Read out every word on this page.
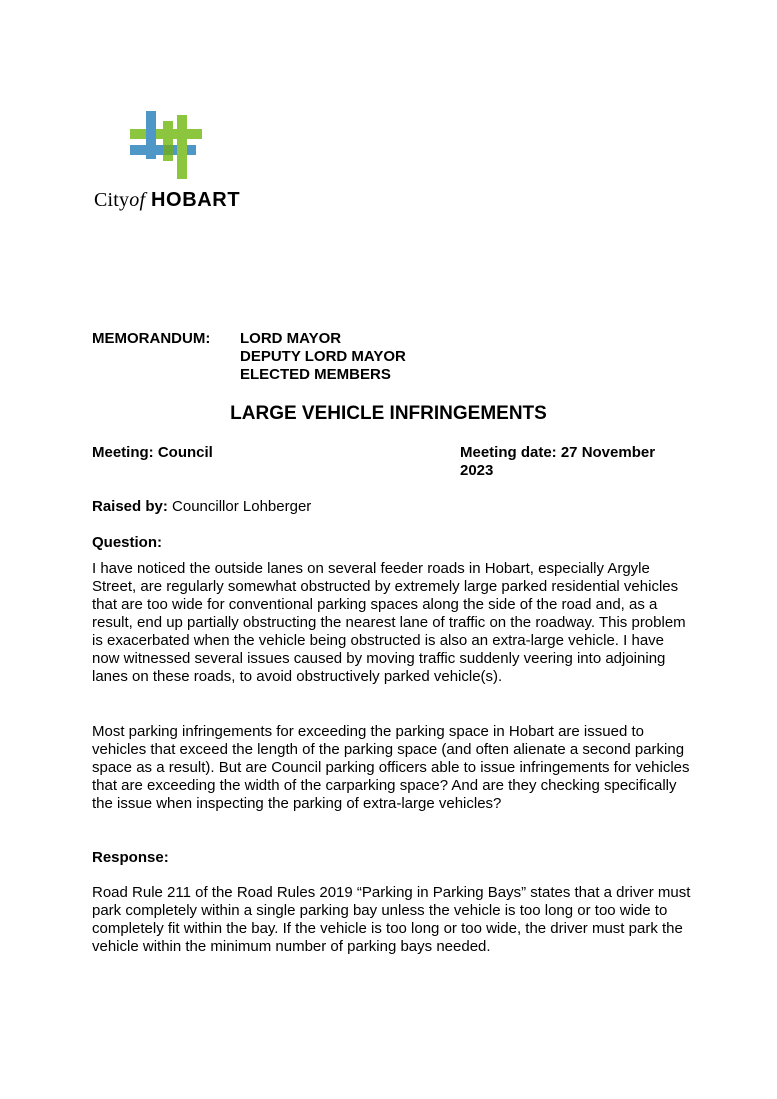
Cityof HOBART
MEMORANDUM: LORD MAYOR
DEPUTY LORD MAYOR
ELECTED MEMBERS
LARGE VEHICLE INFRINGEMENTS
Meeting: Council	Meeting date: 27 November 2023
Raised by: Councillor Lohberger
Question:

I have noticed the outside lanes on several feeder roads in Hobart, especially Argyle Street, are regularly somewhat obstructed by extremely large parked residential vehicles that are too wide for conventional parking spaces along the side of the road and, as a result, end up partially obstructing the nearest lane of traffic on the roadway. This problem is exacerbated when the vehicle being obstructed is also an extra-large vehicle. I have now witnessed several issues caused by moving traffic suddenly veering into adjoining lanes on these roads, to avoid obstructively parked vehicle(s).

Most parking infringements for exceeding the parking space in Hobart are issued to vehicles that exceed the length of the parking space (and often alienate a second parking space as a result). But are Council parking officers able to issue infringements for vehicles that are exceeding the width of the carparking space? And are they checking specifically the issue when inspecting the parking of extra-large vehicles?

Response:

Road Rule 211 of the Road Rules 2019 “Parking in Parking Bays” states that a driver must park completely within a single parking bay unless the vehicle is too long or too wide to completely fit within the bay. If the vehicle is too long or too wide, the driver must park the vehicle within the minimum number of parking bays needed.
